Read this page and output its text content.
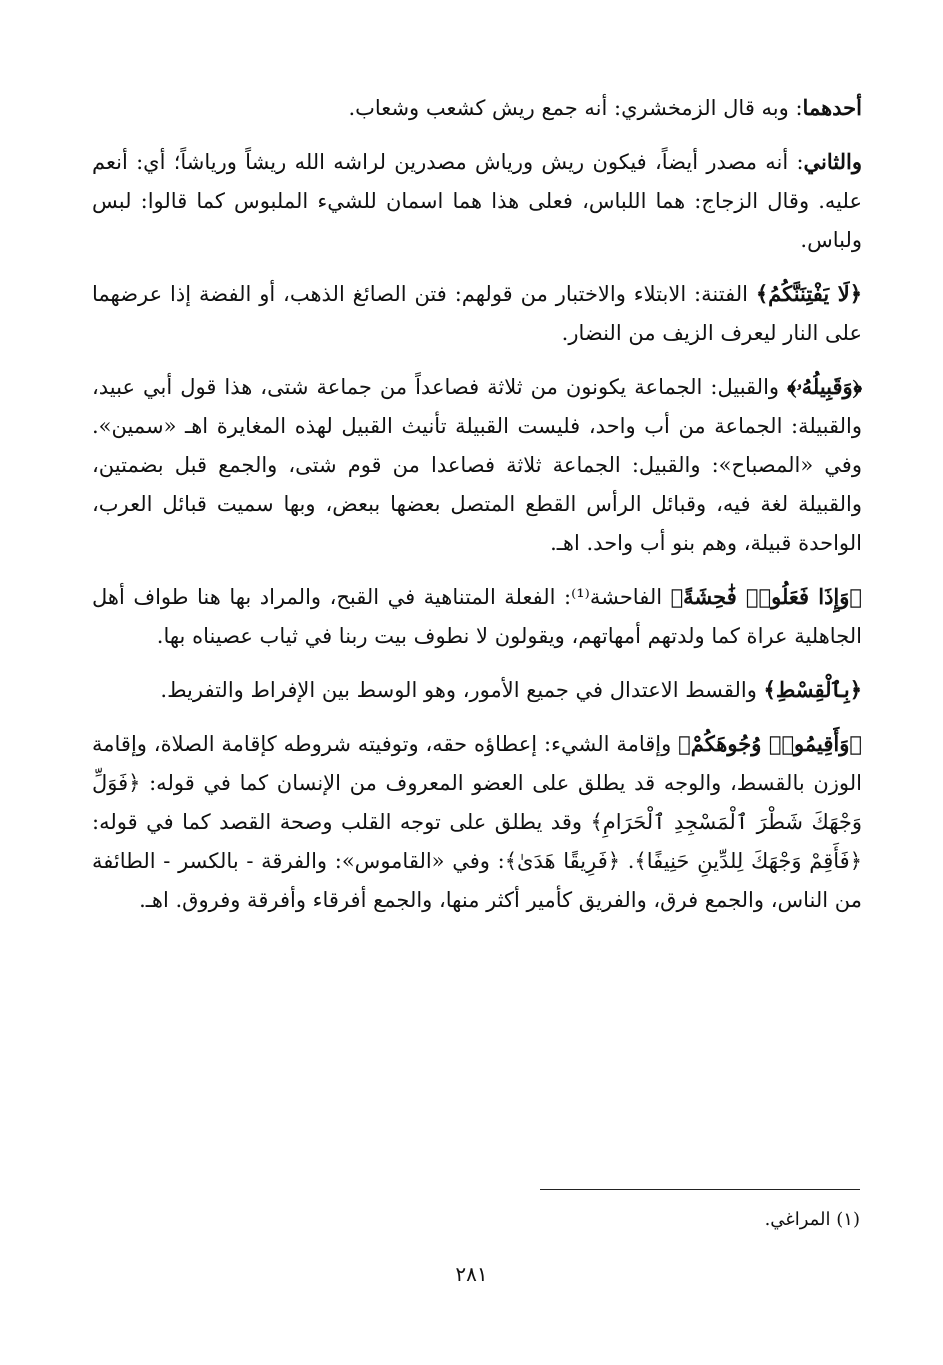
أحدهما: وبه قال الزمخشري: أنه جمع ريش كشعب وشعاب.

والثاني: أنه مصدر أيضاً، فيكون ريش ورياش مصدرين لراشه الله ريشاً ورياشاً؛ أي: أنعم عليه. وقال الزجاج: هما اللباس، فعلى هذا هما اسمان للشيء الملبوس كما قالوا: لبس ولباس.

﴿لَا يَفْتِنَنَّكُمُ﴾ الفتنة: الابتلاء والاختبار من قولهم: فتن الصائغ الذهب، أو الفضة إذا عرضهما على النار ليعرف الزيف من النضار.

﴿وَقَبِيلُهُۥ﴾ والقبيل: الجماعة يكونون من ثلاثة فصاعداً من جماعة شتى، هذا قول أبي عبيد، والقبيلة: الجماعة من أب واحد، فليست القبيلة تأنيث القبيل لهذه المغايرة اهـ «سمين». وفي «المصباح»: والقبيل: الجماعة ثلاثة فصاعدا من قوم شتى، والجمع قبل بضمتين، والقبيلة لغة فيه، وقبائل الرأس القطع المتصل بعضها ببعض، وبها سميت قبائل العرب، الواحدة قبيلة، وهم بنو أب واحد. اهـ.

﴿وَإِذَا فَعَلُوا۟ فَٰحِشَةً﴾ الفاحشة⁽¹⁾: الفعلة المتناهية في القبح، والمراد بها هنا طواف أهل الجاهلية عراة كما ولدتهم أمهاتهم، ويقولون لا نطوف بيت ربنا في ثياب عصيناه بها.

﴿بِٱلْقِسْطِ﴾ والقسط الاعتدال في جميع الأمور، وهو الوسط بين الإفراط والتفريط.

﴿وَأَقِيمُوا۟ وُجُوهَكُمْ﴾ وإقامة الشيء: إعطاؤه حقه، وتوفيته شروطه كإقامة الصلاة، وإقامة الوزن بالقسط، والوجه قد يطلق على العضو المعروف من الإنسان كما في قوله: ﴿فَوَلِّ وَجْهَكَ شَطْرَ ٱلْمَسْجِدِ ٱلْحَرَامِ﴾ وقد يطلق على توجه القلب وصحة القصد كما في قوله: ﴿فَأَقِمْ وَجْهَكَ لِلدِّينِ حَنِيفًا﴾. ﴿فَرِيقًا هَدَىٰ﴾: وفي «القاموس»: والفرقة - بالكسر - الطائفة من الناس، والجمع فرق، والفريق كأمير أكثر منها، والجمع أفرقاء وأفرقة وفروق. اهـ.

(١) المراغي.
٢٨١
